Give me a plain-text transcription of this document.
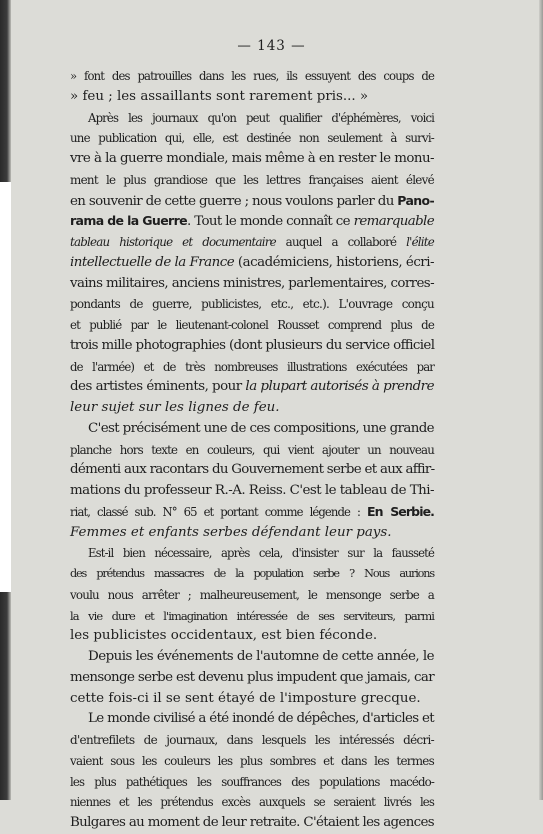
— 143 —
» font des patrouilles dans les rues, ils essuyent des coups de
» feu ; les assaillants sont rarement pris... »
Après les journaux qu'on peut qualifier d'éphémères, voici
une publication qui, elle, est destinée non seulement à survi-
vre à la guerre mondiale, mais même à en rester le monu-
ment le plus grandiose que les lettres françaises aient élevé
en souvenir de cette guerre ; nous voulons parler du Pano-
rama de la Guerre. Tout le monde connaît ce remarquable
tableau historique et documentaire auquel a collaboré l'élite
intellectuelle de la France (académiciens, historiens, écri-
vains militaires, anciens ministres, parlementaires, corres-
pondants de guerre, publicistes, etc., etc.). L'ouvrage conçu
et publié par le lieutenant-colonel Rousset comprend plus de
trois mille photographies (dont plusieurs du service officiel
de l'armée) et de très nombreuses illustrations exécutées par
des artistes éminents, pour la plupart autorisés à prendre
leur sujet sur les lignes de feu.
C'est précisément une de ces compositions, une grande
planche hors texte en couleurs, qui vient ajouter un nouveau
démenti aux racontars du Gouvernement serbe et aux affir-
mations du professeur R.-A. Reiss. C'est le tableau de Thi-
riat, classé sub. N° 65 et portant comme légende : En Serbie.
Femmes et enfants serbes défendant leur pays.
Est-il bien nécessaire, après cela, d'insister sur la fausseté
des prétendus massacres de la population serbe ? Nous aurions
voulu nous arrêter ; malheureusement, le mensonge serbe a
la vie dure et l'imagination intéressée de ses serviteurs, parmi
les publicistes occidentaux, est bien féconde.
Depuis les événements de l'automne de cette année, le
mensonge serbe est devenu plus impudent que jamais, car
cette fois-ci il se sent étayé de l'imposture grecque.
Le monde civilisé a été inondé de dépêches, d'articles et
d'entrefilets de journaux, dans lesquels les intéressés décri-
vaient sous les couleurs les plus sombres et dans les termes
les plus pathétiques les souffrances des populations macédo-
niennes et les prétendus excès auxquels se seraient livrés les
Bulgares au moment de leur retraite. C'étaient les agences
